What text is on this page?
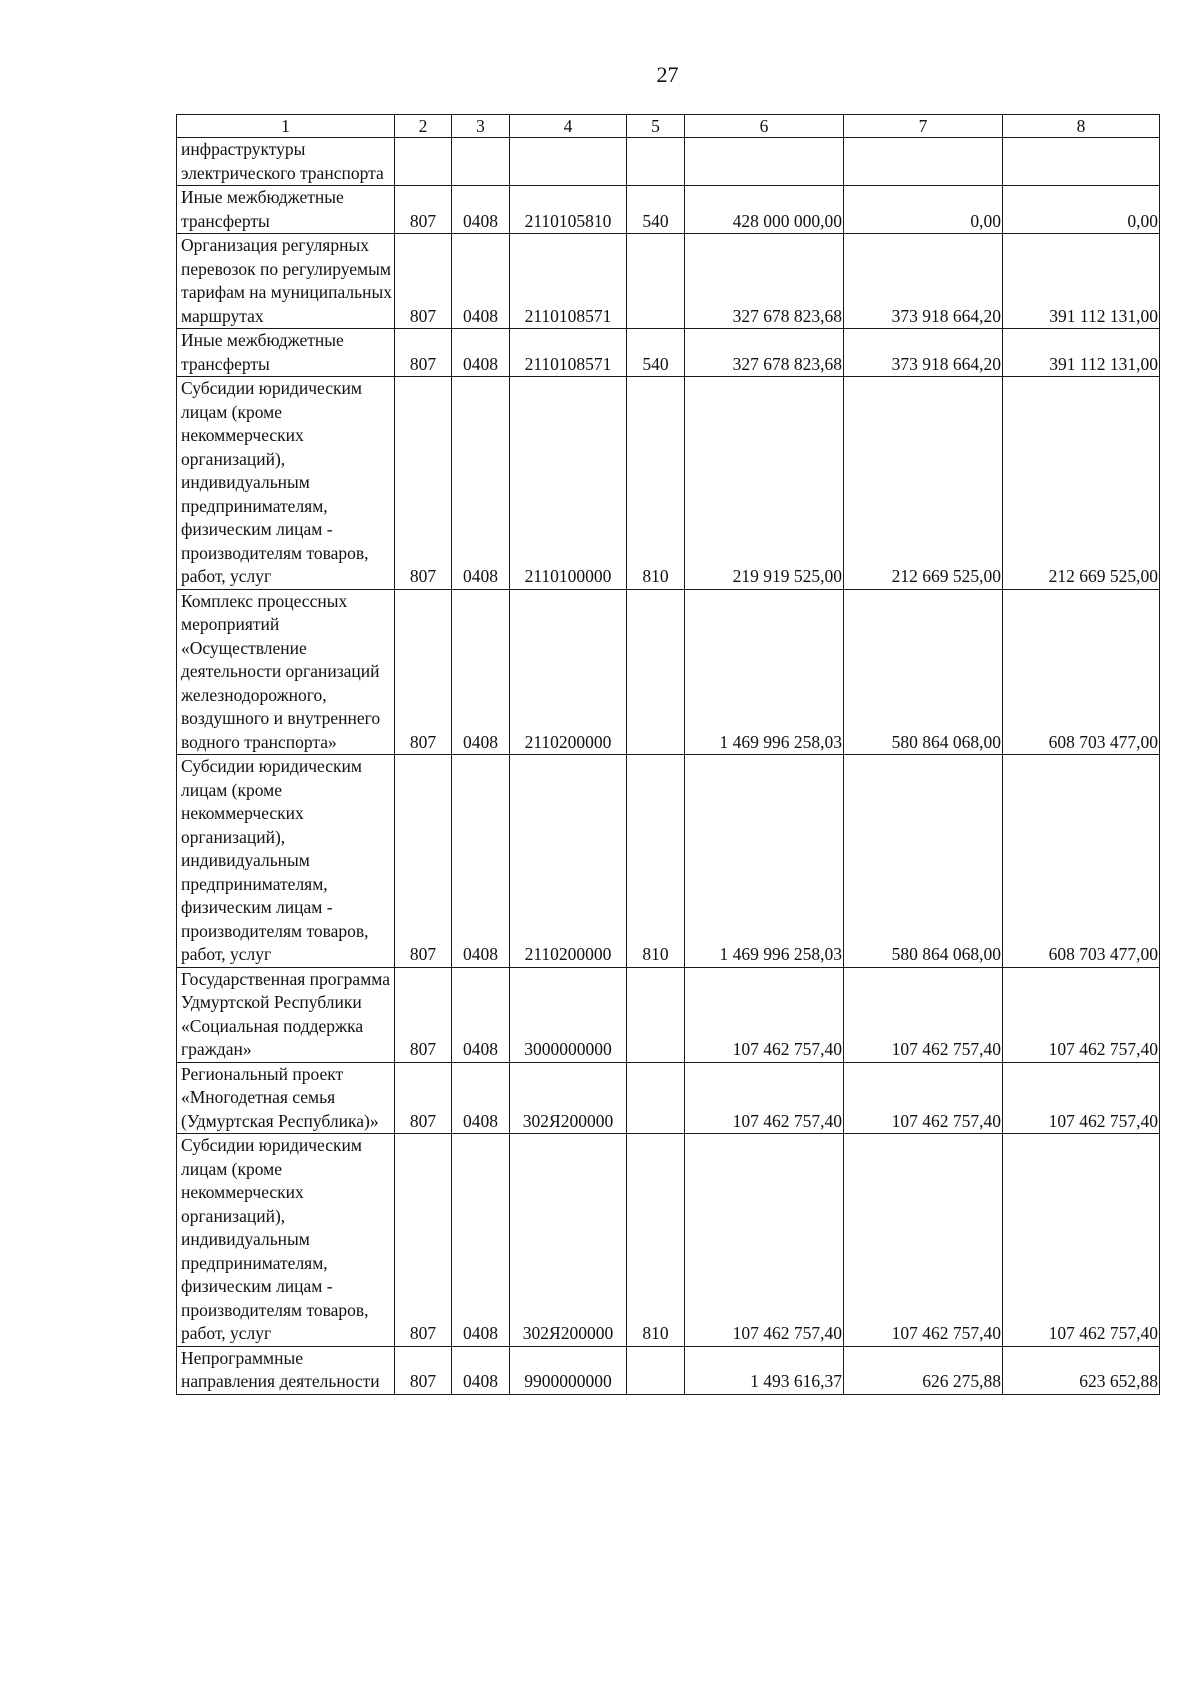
27
1	2	3	4	5	6	7	8
инфраструктуры электрического транспорта							
Иные межбюджетные трансферты	807	0408	2110105810	540	428 000 000,00	0,00	0,00
Организация регулярных перевозок по регулируемым тарифам на муниципальных маршрутах	807	0408	2110108571		327 678 823,68	373 918 664,20	391 112 131,00
Иные межбюджетные трансферты	807	0408	2110108571	540	327 678 823,68	373 918 664,20	391 112 131,00
Субсидии юридическим лицам (кроме некоммерческих организаций), индивидуальным предпринимателям, физическим лицам - производителям товаров, работ, услуг	807	0408	2110100000	810	219 919 525,00	212 669 525,00	212 669 525,00
Комплекс процессных мероприятий «Осуществление деятельности организаций железнодорожного, воздушного и внутреннего водного транспорта»	807	0408	2110200000		1 469 996 258,03	580 864 068,00	608 703 477,00
Субсидии юридическим лицам (кроме некоммерческих организаций), индивидуальным предпринимателям, физическим лицам - производителям товаров, работ, услуг	807	0408	2110200000	810	1 469 996 258,03	580 864 068,00	608 703 477,00
Государственная программа Удмуртской Республики «Социальная поддержка граждан»	807	0408	3000000000		107 462 757,40	107 462 757,40	107 462 757,40
Региональный проект «Многодетная семья (Удмуртская Республика)»	807	0408	302Я200000		107 462 757,40	107 462 757,40	107 462 757,40
Субсидии юридическим лицам (кроме некоммерческих организаций), индивидуальным предпринимателям, физическим лицам - производителям товаров, работ, услуг	807	0408	302Я200000	810	107 462 757,40	107 462 757,40	107 462 757,40
Непрограммные направления деятельности	807	0408	9900000000		1 493 616,37	626 275,88	623 652,88
